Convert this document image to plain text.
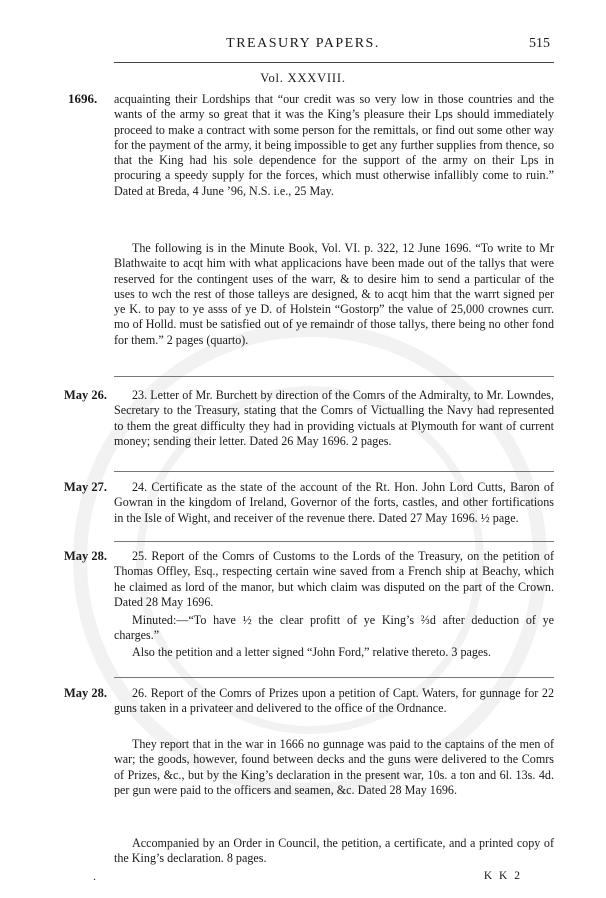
TREASURY PAPERS.	515
Vol. XXXVIII.
1696. acquainting their Lordships that “our credit was so very low in those countries and the wants of the army so great that it was the King’s pleasure their Lps should immediately proceed to make a contract with some person for the remittals, or find out some other way for the payment of the army, it being impossible to get any further supplies from thence, so that the King had his sole dependence for the support of the army on their Lps in procuring a speedy supply for the forces, which must otherwise infallibly come to ruin.” Dated at Breda, 4 June ’96, N.S. i.e., 25 May.

The following is in the Minute Book, Vol. VI. p. 322, 12 June 1696. “To write to Mr Blathwaite to acqt him with what applicacions have been made out of the tallys that were reserved for the contingent uses of the warr, & to desire him to send a particular of the uses to wch the rest of those talleys are designed, & to acqt him that the warrt signed per ye K. to pay to ye asss of ye D. of Holstein “Gostorp” the value of 25,000 crownes curr. mo of Holld. must be satisfied out of ye remaindr of those tallys, there being no other fond for them.” 2 pages (quarto).

May 26.	23. Letter of Mr. Burchett by direction of the Comrs of the Admiralty, to Mr. Lowndes, Secretary to the Treasury, stating that the Comrs of Victualling the Navy had represented to them the great difficulty they had in providing victuals at Plymouth for want of current money; sending their letter. Dated 26 May 1696. 2 pages.

May 27.	24. Certificate as the state of the account of the Rt. Hon. John Lord Cutts, Baron of Gowran in the kingdom of Ireland, Governor of the forts, castles, and other fortifications in the Isle of Wight, and receiver of the revenue there. Dated 27 May 1696. ½ page.

May 28.	25. Report of the Comrs of Customs to the Lords of the Treasury, on the petition of Thomas Offley, Esq., respecting certain wine saved from a French ship at Beachy, which he claimed as lord of the manor, but which claim was disputed on the part of the Crown. Dated 28 May 1696.

Minuted:—“To have ½ the clear profitt of ye King’s ⅔d after deduction of ye charges.”

Also the petition and a letter signed “John Ford,” relative thereto. 3 pages.

May 28.	26. Report of the Comrs of Prizes upon a petition of Capt. Waters, for gunnage for 22 guns taken in a privateer and delivered to the office of the Ordnance.

They report that in the war in 1666 no gunnage was paid to the captains of the men of war; the goods, however, found between decks and the guns were delivered to the Comrs of Prizes, &c., but by the King’s declaration in the present war, 10s. a ton and 6l. 13s. 4d. per gun were paid to the officers and seamen, &c. Dated 28 May 1696.

Accompanied by an Order in Council, the petition, a certificate, and a printed copy of the King’s declaration. 8 pages.

.	K K 2
